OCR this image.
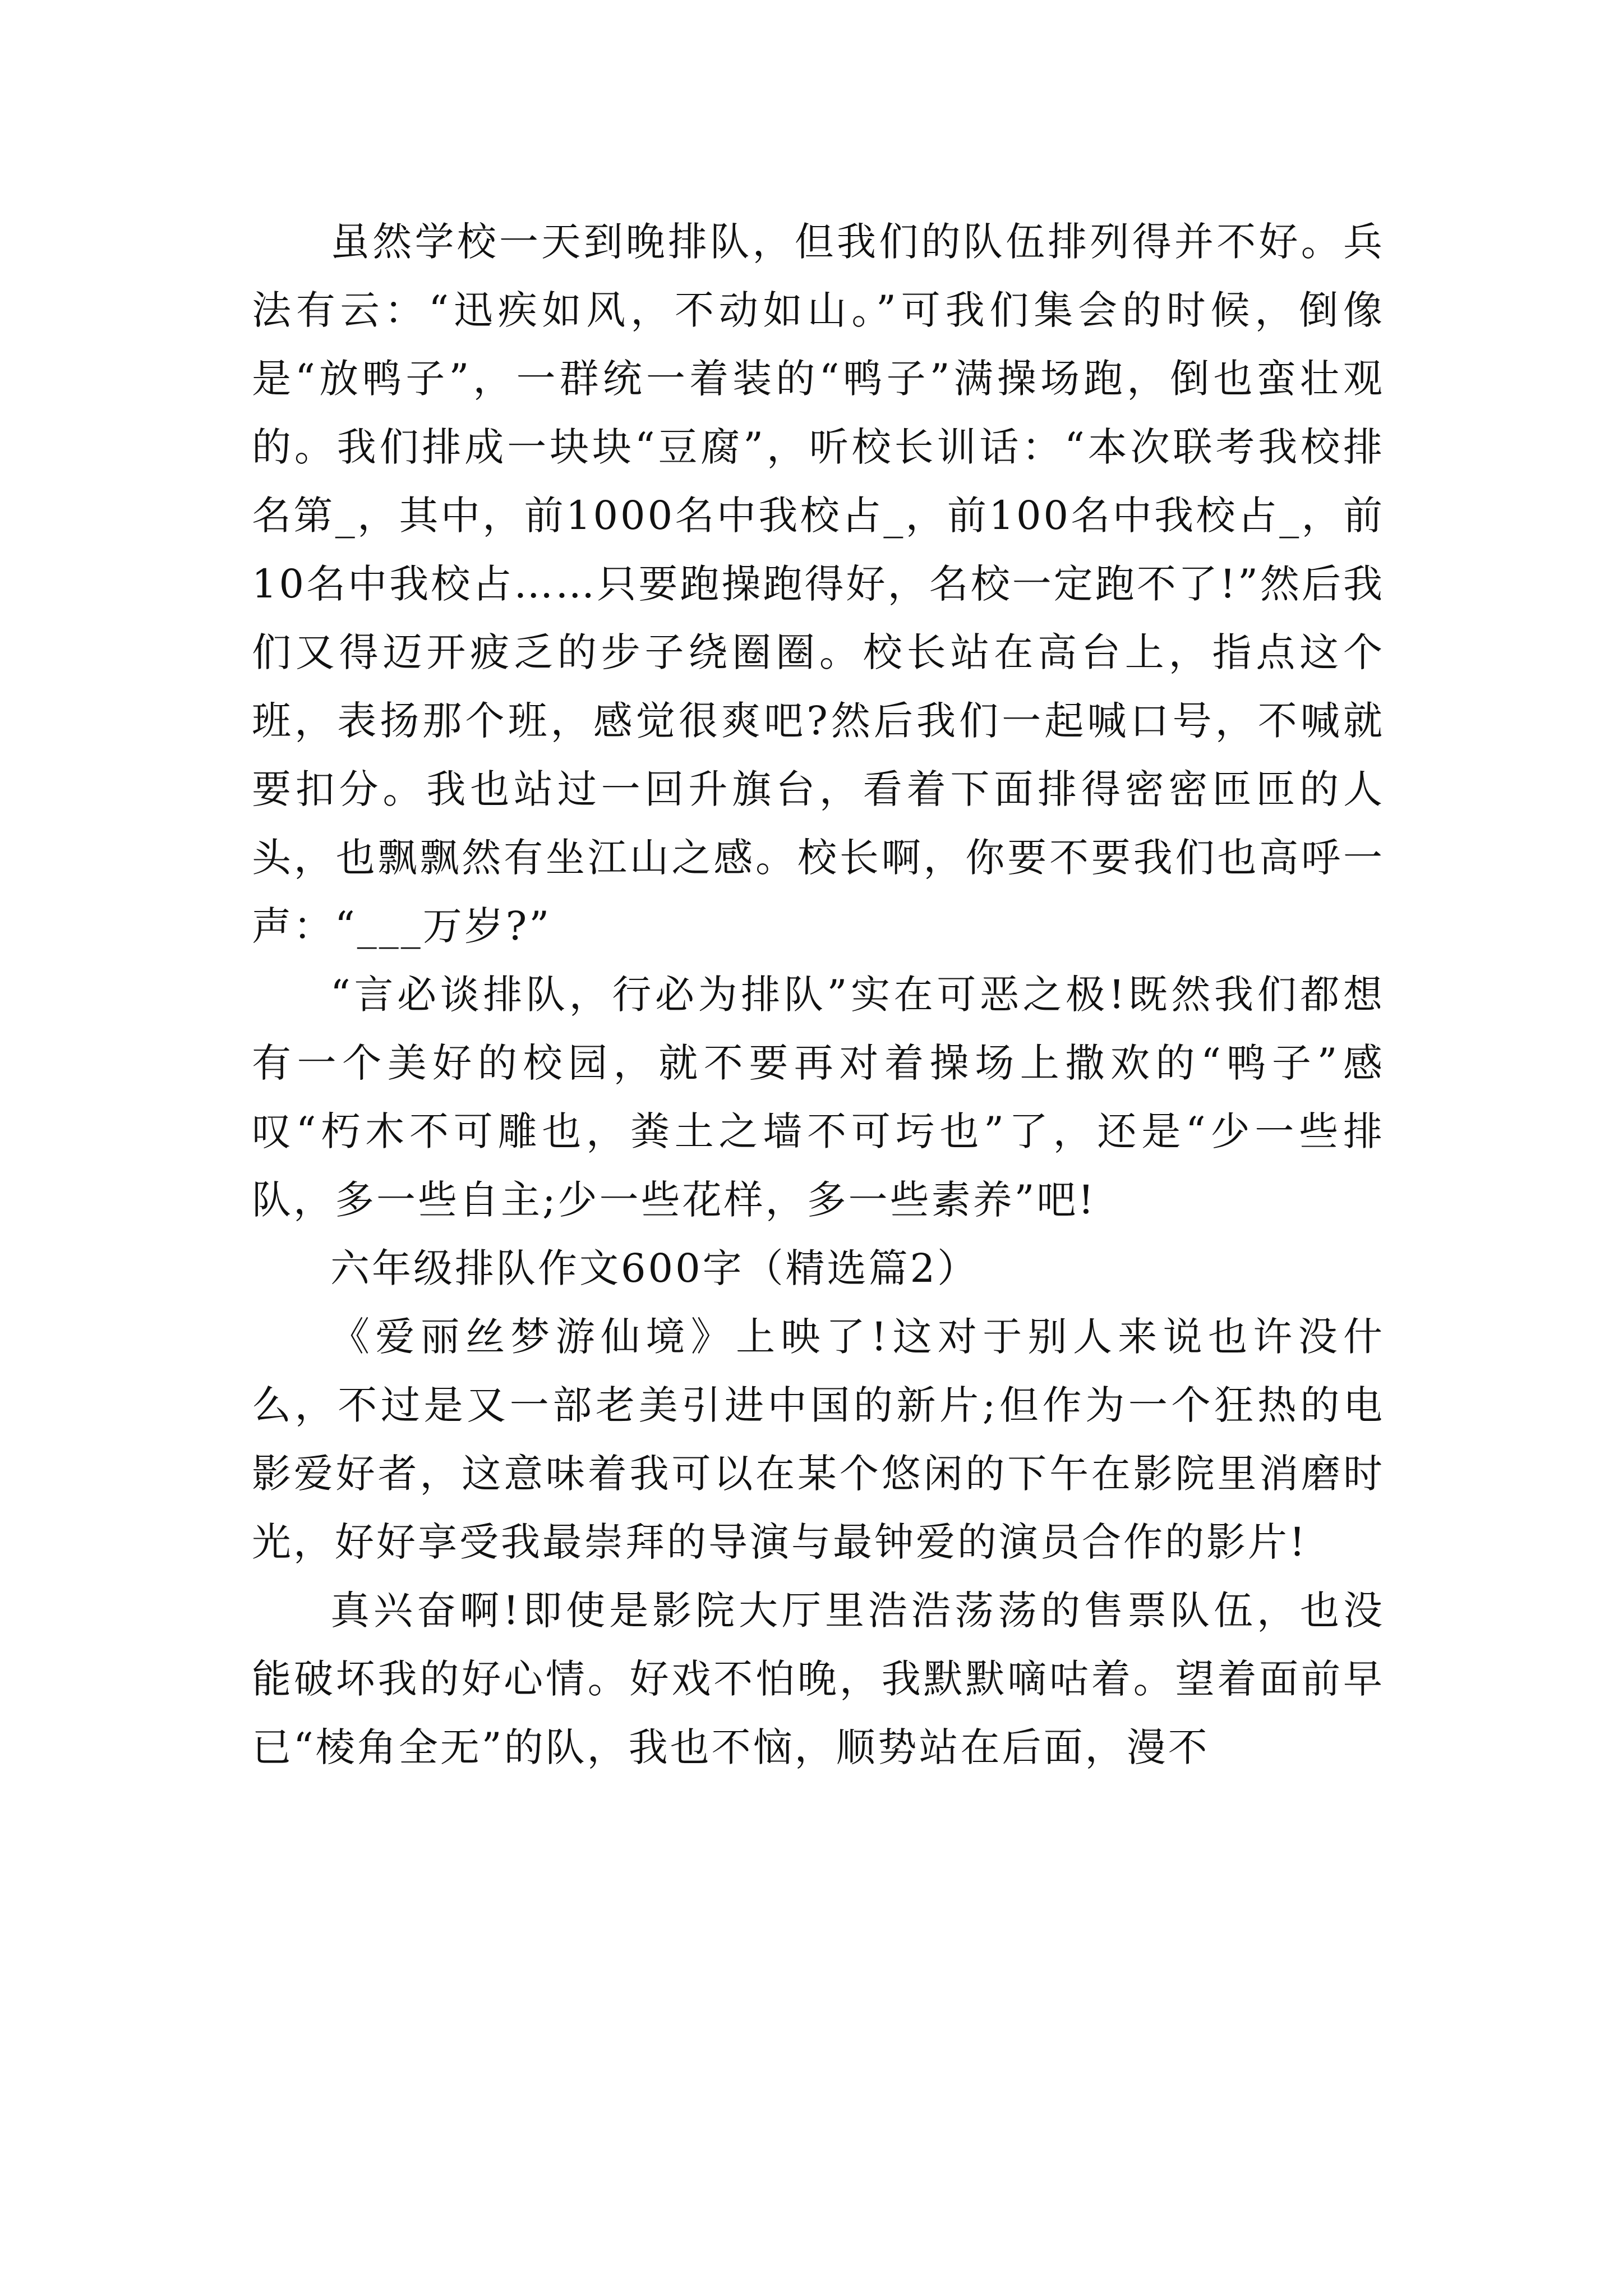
虽然学校一天到晚排队，但我们的队伍排列得并不好。兵法有云：“迅疾如风，不动如山。”可我们集会的时候，倒像是“放鸭子”，一群统一着装的“鸭子”满操场跑，倒也蛮壮观的。我们排成一块块“豆腐”，听校长训话：“本次联考我校排名第_，其中，前1000名中我校占_，前100名中我校占_，前10名中我校占……只要跑操跑得好，名校一定跑不了!”然后我们又得迈开疲乏的步子绕圈圈。校长站在高台上，指点这个班，表扬那个班，感觉很爽吧?然后我们一起喊口号，不喊就要扣分。我也站过一回升旗台，看着下面排得密密匝匝的人头，也飘飘然有坐江山之感。校长啊，你要不要我们也高呼一声：“___万岁?”

“言必谈排队，行必为排队”实在可恶之极!既然我们都想有一个美好的校园，就不要再对着操场上撒欢的“鸭子”感叹“朽木不可雕也，粪土之墙不可圬也”了，还是“少一些排队，多一些自主;少一些花样，多一些素养”吧!

六年级排队作文600字（精选篇2）

《爱丽丝梦游仙境》上映了!这对于别人来说也许没什么，不过是又一部老美引进中国的新片;但作为一个狂热的电影爱好者，这意味着我可以在某个悠闲的下午在影院里消磨时光，好好享受我最崇拜的导演与最钟爱的演员合作的影片!

真兴奋啊!即使是影院大厅里浩浩荡荡的售票队伍，也没能破坏我的好心情。好戏不怕晚，我默默嘀咕着。望着面前早已“棱角全无”的队，我也不恼，顺势站在后面，漫不
